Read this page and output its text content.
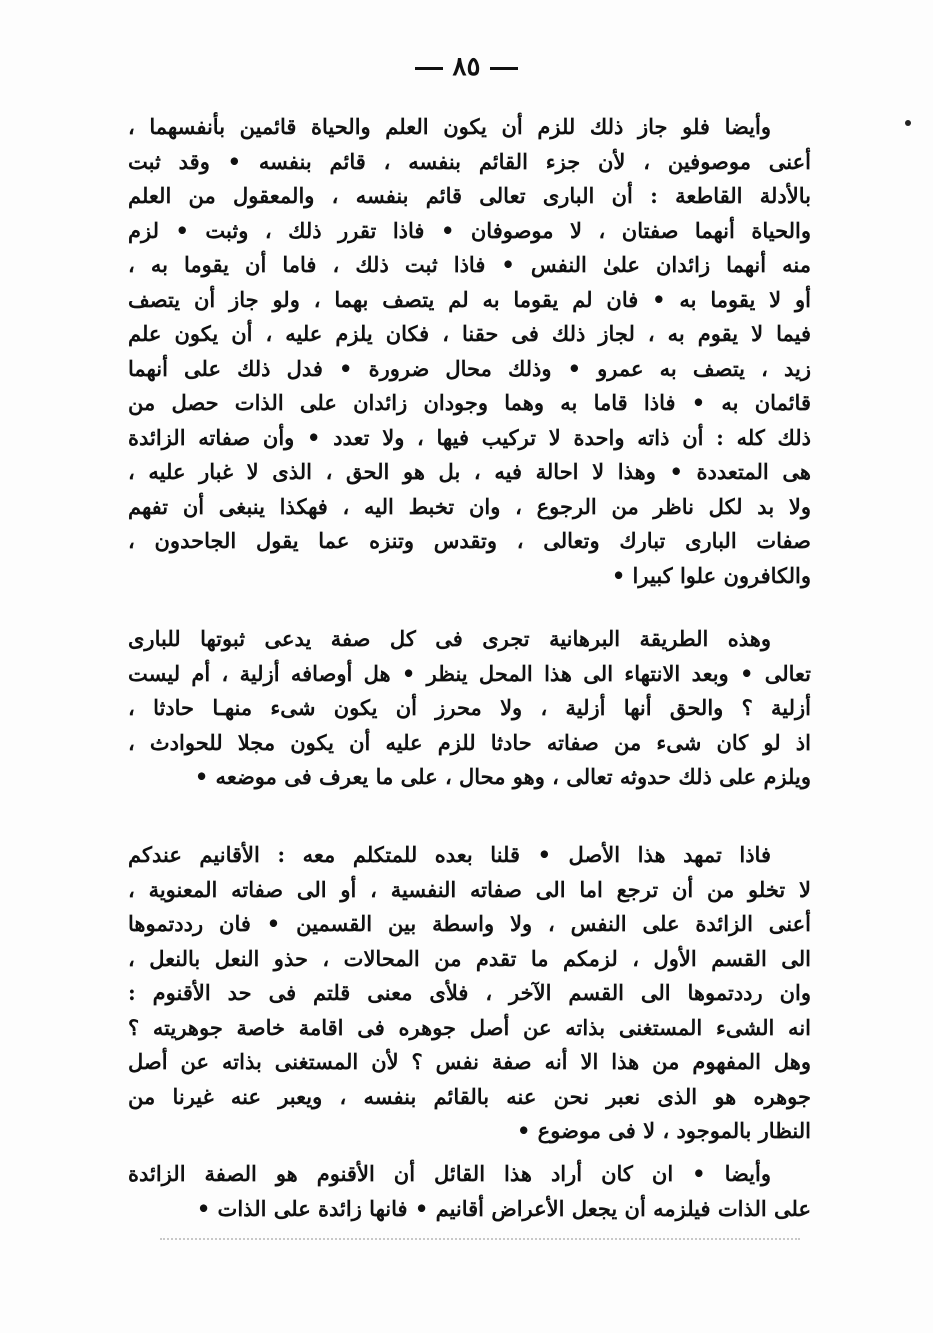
٨٥
وأيضا فلو جاز ذلك للزم أن يكون العلم والحياة قائمين بأنفسهما ،
أعنى موصوفين ، لأن جزء القائم بنفسه ، قائم بنفسه • وقد ثبت
بالأدلة القاطعة : أن البارى تعالى قائم بنفسه ، والمعقول من العلم
والحياة أنهما صفتان ، لا موصوفان • فاذا تقرر ذلك ، وثبت • لزم
منه أنهما زائدان علىٰ النفس • فاذا ثبت ذلك ، فاما أن يقوما به ،
أو لا يقوما به • فان لم يقوما به لم يتصف بهما ، ولو جاز أن يتصف
فيما لا يقوم به ، لجاز ذلك فى حقنا ، فكان يلزم عليه ، أن يكون علم
زيد ، يتصف به عمرو • وذلك محال ضرورة • فدل ذلك على أنهما
قائمان به • فاذا قاما به وهما وجودان زائدان على الذات حصل من
ذلك كله : أن ذاته واحدة لا تركيب فيها ، ولا تعدد • وأن صفاته الزائدة
هى المتعددة • وهذا لا احالة فيه ، بل هو الحق ، الذى لا غبار عليه ،
ولا بد لكل ناظر من الرجوع ، وان تخبط اليه ، فهكذا ينبغى أن تفهم
صفات البارى تبارك وتعالى ، وتقدس وتنزه عما يقول الجاحدون ،
والكافرون علوا كبيرا •
وهذه الطريقة البرهانية تجرى فى كل صفة يدعى ثبوتها للبارى
تعالى • وبعد الانتهاء الى هذا المحل ينظر • هل أوصافه أزلية ، أم ليست
أزلية ؟ والحق أنها أزلية ، ولا محرز أن يكون شىء منهـا حادثا ،
اذ لو كان شىء من صفاته حادثا للزم عليه أن يكون مجلا للحوادث ،
ويلزم على ذلك حدوثه تعالى ، وهو محال ، على ما يعرف فى موضعه •
فاذا تمهد هذا الأصل • قلنا بعده للمتكلم معه : الأقانيم عندكم
لا تخلو من أن ترجع اما الى صفاته النفسية ، أو الى صفاته المعنوية ،
أعنى الزائدة على النفس ، ولا واسطة بين القسمين • فان رددتموها
الى القسم الأول ، لزمكم ما تقدم من المحالات ، حذو النعل بالنعل ،
وان رددتموها الى القسم الآخر ، فلأى معنى قلتم فى حد الأقنوم :
انه الشىء المستغنى بذاته عن أصل جوهره فى اقامة خاصة جوهريته ؟
وهل المفهوم من هذا الا أنه صفة نفس ؟ لأن المستغنى بذاته عن أصل
جوهره هو الذى نعبر نحن عنه بالقائم بنفسه ، ويعبر عنه غيرنا من
النظار بالموجود ، لا فى موضوع •
وأيضا • ان كان أراد هذا القائل أن الأقنوم هو الصفة الزائدة
على الذات فيلزمه أن يجعل الأعراض أقانيم • فانها زائدة على الذات •
